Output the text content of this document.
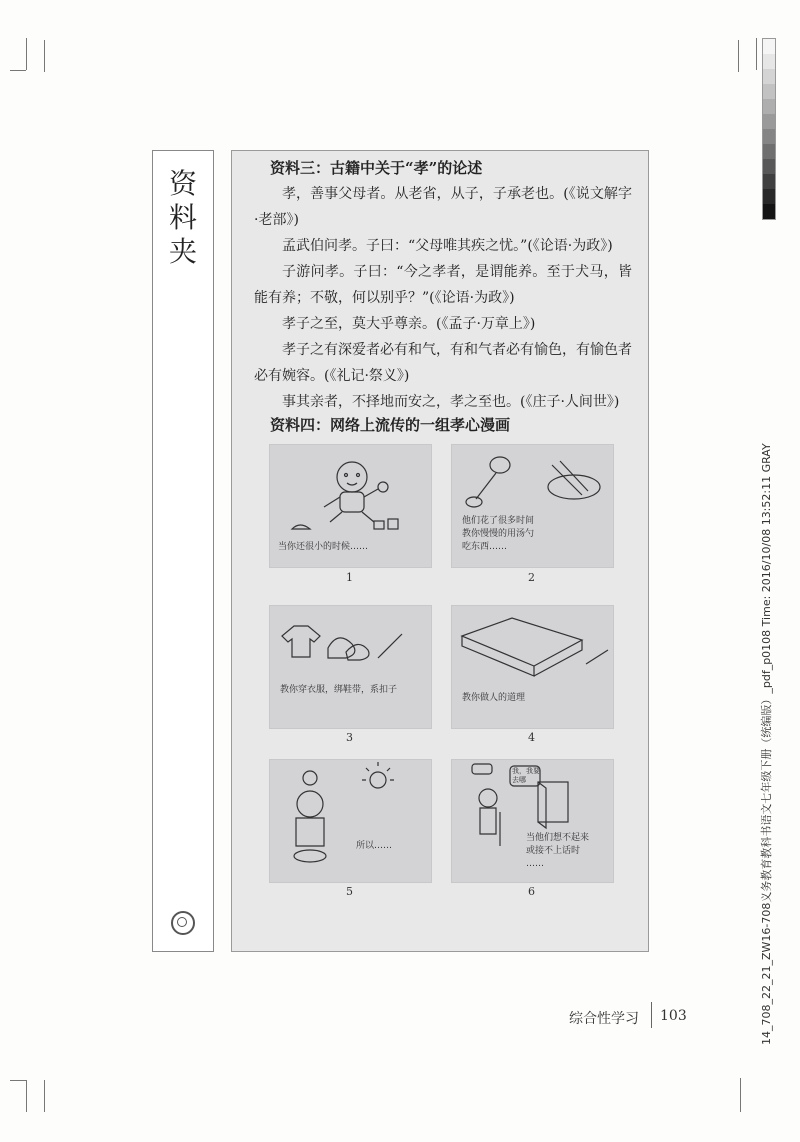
资
料
夹
资料三：古籍中关于“孝”的论述

孝，善事父母者。从老省，从子，子承老也。(《说文解字·老部》)

孟武伯问孝。子曰：“父母唯其疾之忧。”(《论语·为政》)

子游问孝。子曰：“今之孝者，是谓能养。至于犬马，皆能有养；不敬，何以别乎？”(《论语·为政》)

孝子之至，莫大乎尊亲。(《孟子·万章上》)

孝子之有深爱者必有和气，有和气者必有愉色，有愉色者必有婉容。(《礼记·祭义》)

事其亲者，不择地而安之，孝之至也。(《庄子·人间世》)

资料四：网络上流传的一组孝心漫画
当你还很小的时候……
1
他们花了很多时间
教你慢慢的用汤勺
吃东西……
2
教你穿衣服，绑鞋带，系扣子
3
教你做人的道理
4
所以……
5
我，我要
去哪
当他们想不起来
或接不上话时
……
6
综合性学习 103	14_708_22_21_ZW16-708义务教育教科书语文七年级下册（统编版）_pdf_p0108 Time: 2016/10/08 13:52:11 GRAY
